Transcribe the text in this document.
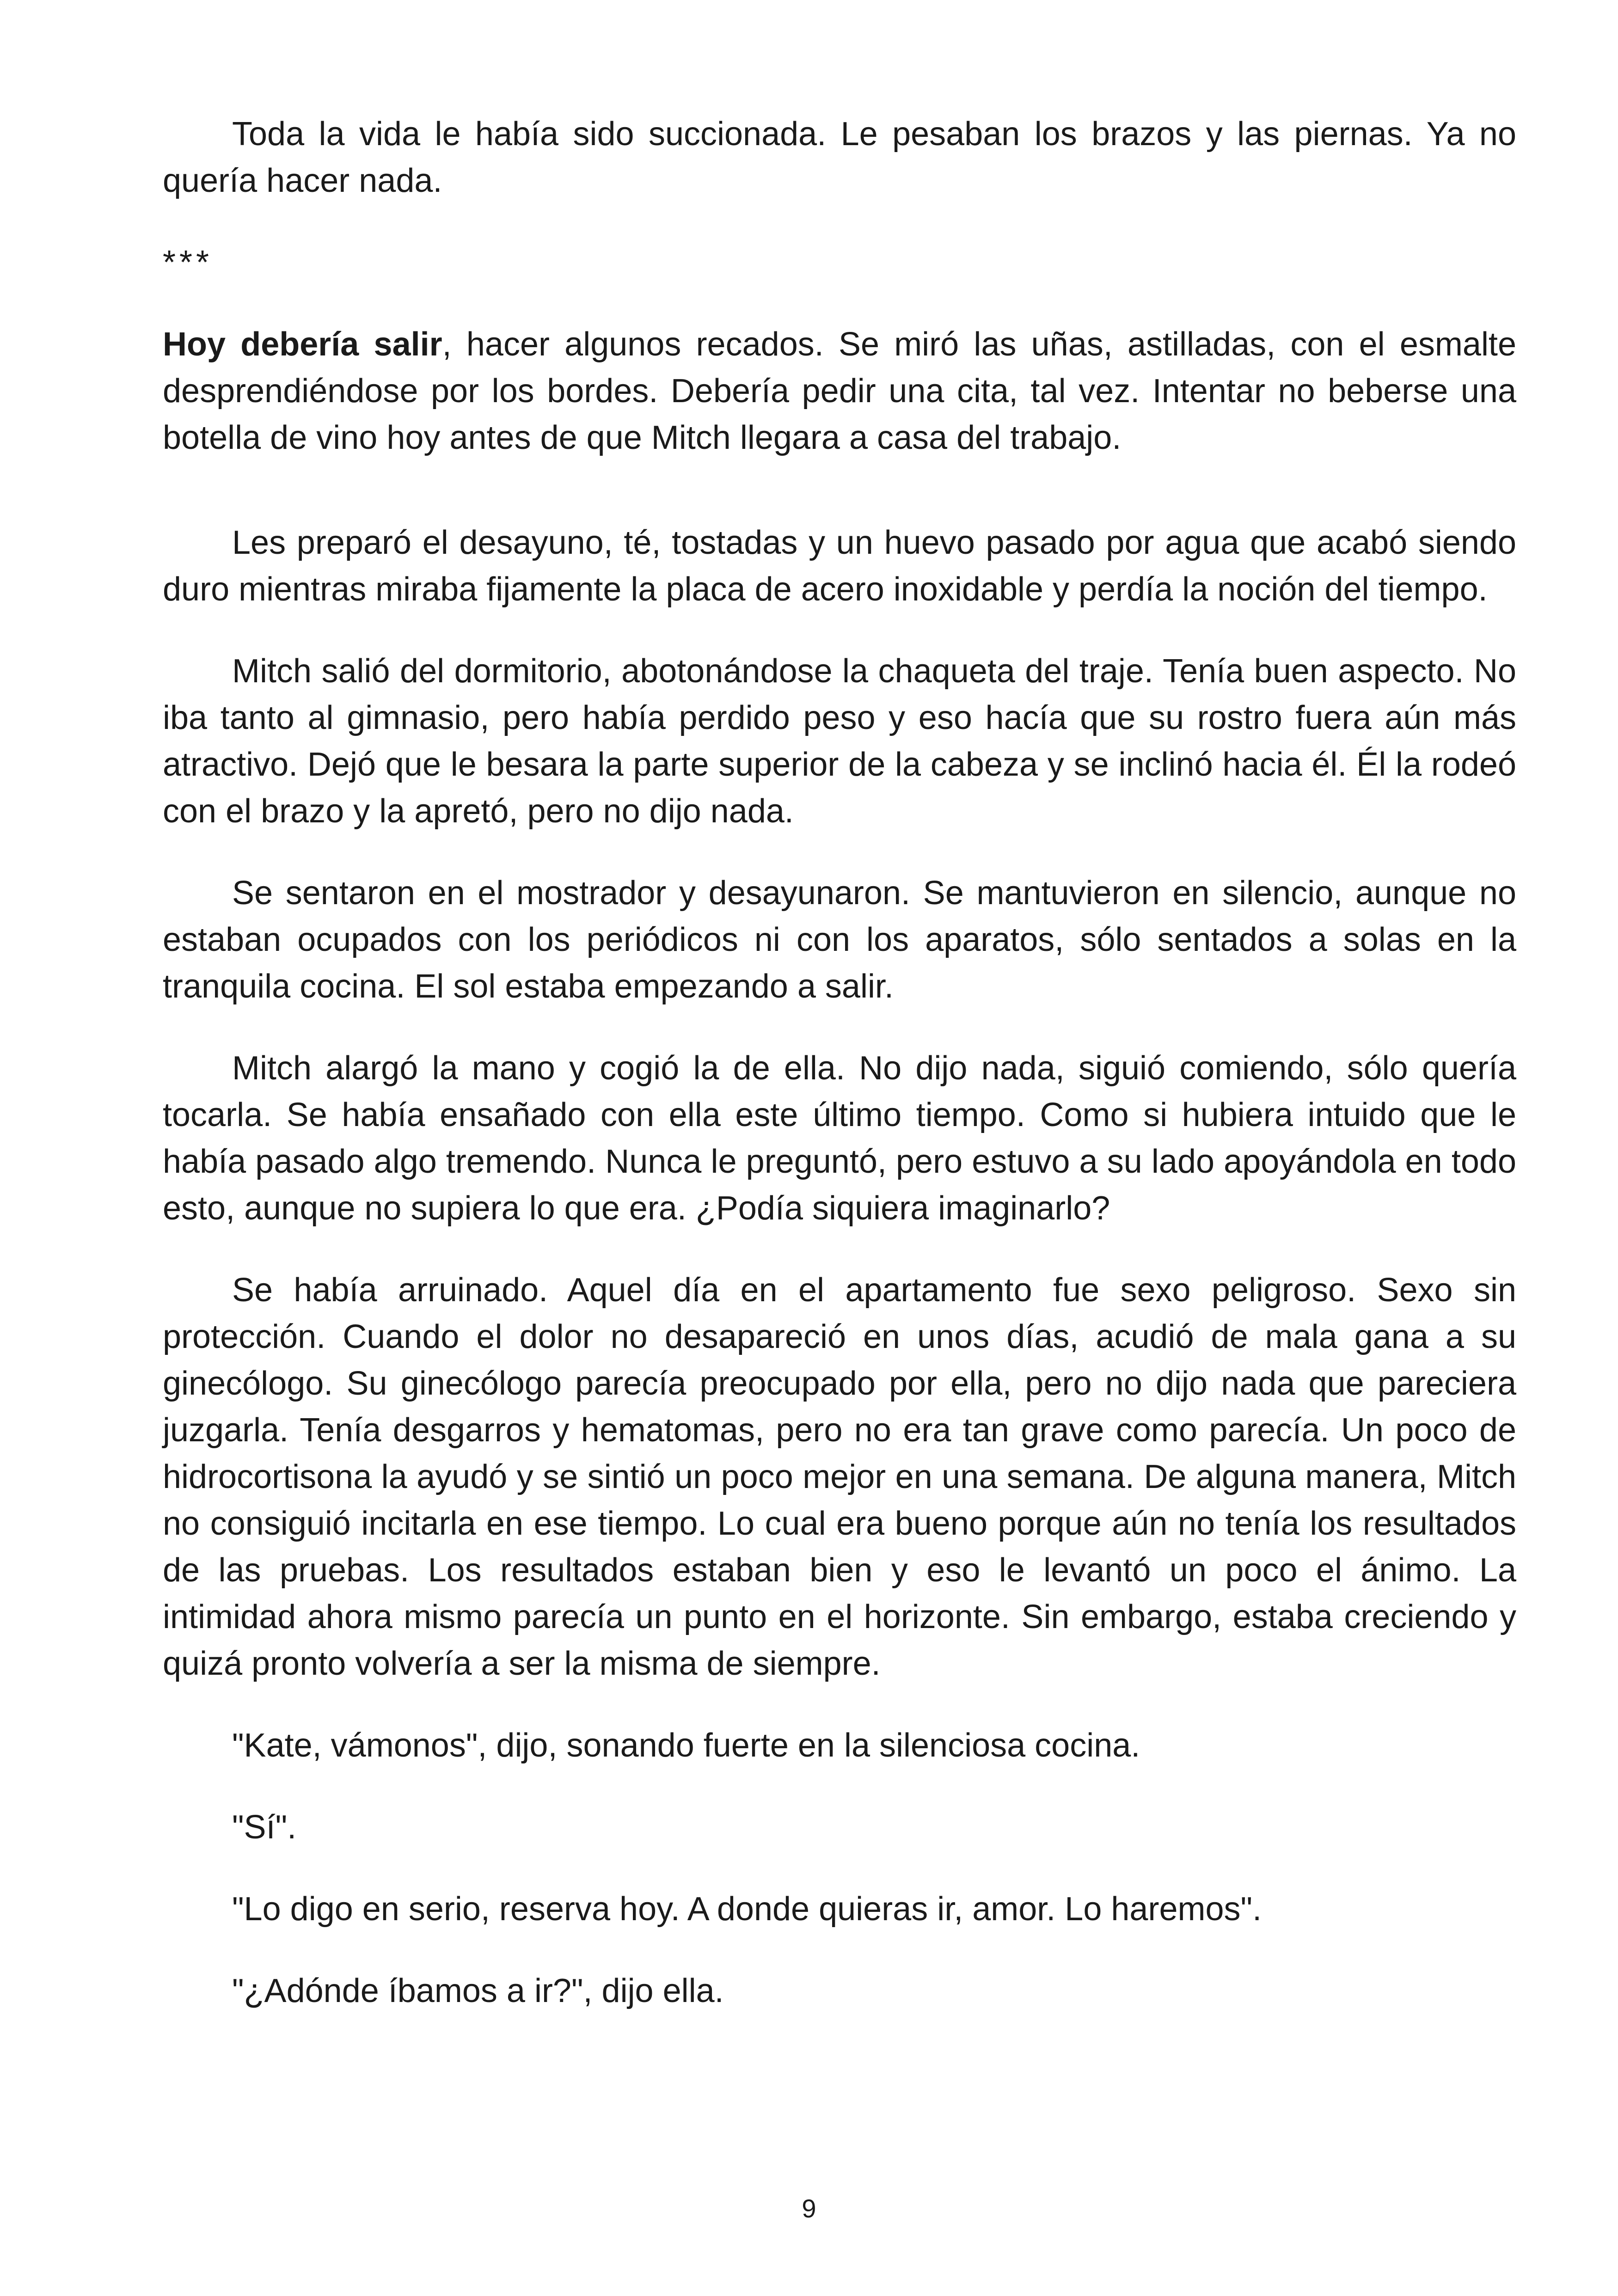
Toda la vida le había sido succionada. Le pesaban los brazos y las piernas. Ya no quería hacer nada.

***

Hoy debería salir, hacer algunos recados. Se miró las uñas, astilladas, con el esmalte desprendiéndose por los bordes. Debería pedir una cita, tal vez. Intentar no beberse una botella de vino hoy antes de que Mitch llegara a casa del trabajo.

Les preparó el desayuno, té, tostadas y un huevo pasado por agua que acabó siendo duro mientras miraba fijamente la placa de acero inoxidable y perdía la noción del tiempo.

Mitch salió del dormitorio, abotonándose la chaqueta del traje. Tenía buen aspecto. No iba tanto al gimnasio, pero había perdido peso y eso hacía que su rostro fuera aún más atractivo. Dejó que le besara la parte superior de la cabeza y se inclinó hacia él. Él la rodeó con el brazo y la apretó, pero no dijo nada.

Se sentaron en el mostrador y desayunaron. Se mantuvieron en silencio, aunque no estaban ocupados con los periódicos ni con los aparatos, sólo sentados a solas en la tranquila cocina. El sol estaba empezando a salir.

Mitch alargó la mano y cogió la de ella. No dijo nada, siguió comiendo, sólo quería tocarla. Se había ensañado con ella este último tiempo. Como si hubiera intuido que le había pasado algo tremendo. Nunca le preguntó, pero estuvo a su lado apoyándola en todo esto, aunque no supiera lo que era. ¿Podía siquiera imaginarlo?

Se había arruinado. Aquel día en el apartamento fue sexo peligroso. Sexo sin protección. Cuando el dolor no desapareció en unos días, acudió de mala gana a su ginecólogo. Su ginecólogo parecía preocupado por ella, pero no dijo nada que pareciera juzgarla. Tenía desgarros y hematomas, pero no era tan grave como parecía. Un poco de hidrocortisona la ayudó y se sintió un poco mejor en una semana. De alguna manera, Mitch no consiguió incitarla en ese tiempo. Lo cual era bueno porque aún no tenía los resultados de las pruebas. Los resultados estaban bien y eso le levantó un poco el ánimo. La intimidad ahora mismo parecía un punto en el horizonte. Sin embargo, estaba creciendo y quizá pronto volvería a ser la misma de siempre.

"Kate, vámonos", dijo, sonando fuerte en la silenciosa cocina.

"Sí".

"Lo digo en serio, reserva hoy. A donde quieras ir, amor. Lo haremos".

"¿Adónde íbamos a ir?", dijo ella.

9
